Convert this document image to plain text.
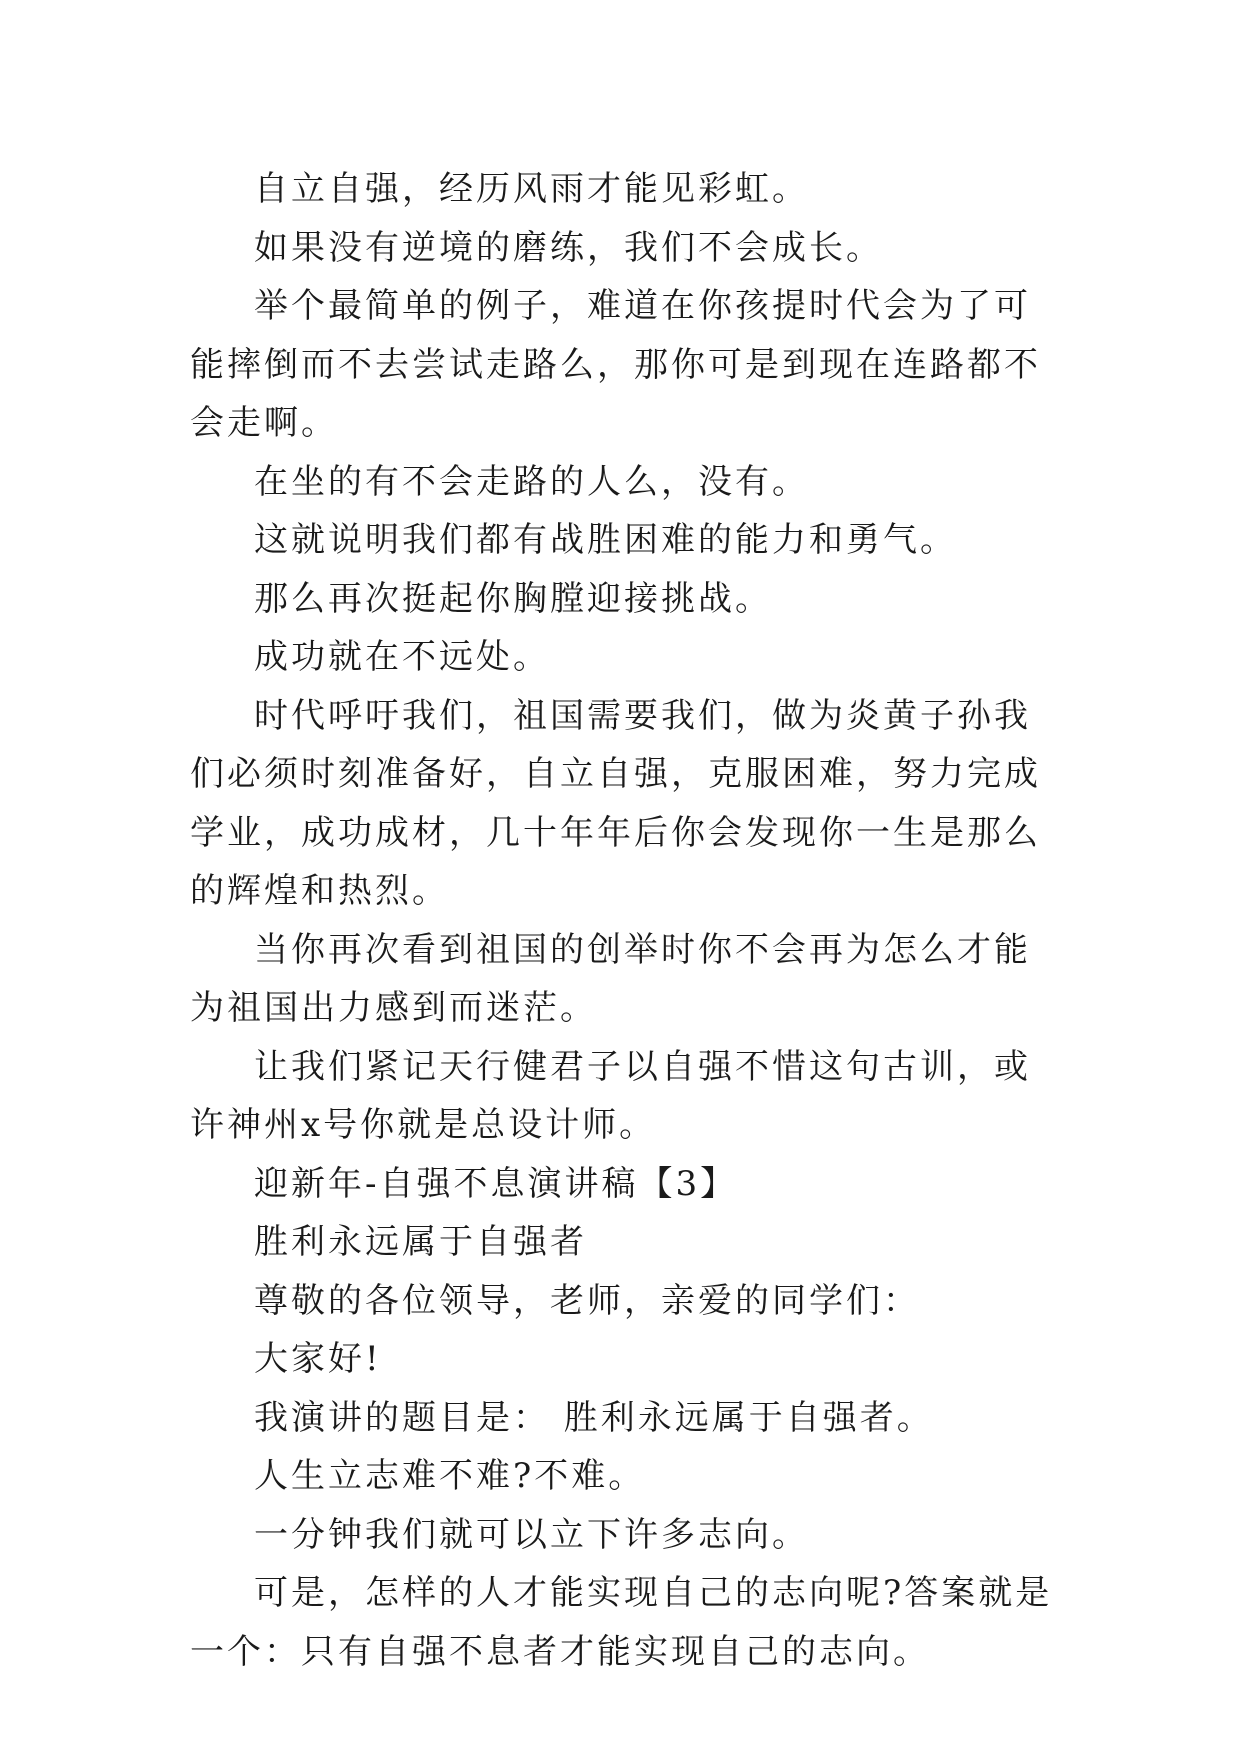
自立自强，经历风雨才能见彩虹。

如果没有逆境的磨练，我们不会成长。

举个最简单的例子，难道在你孩提时代会为了可能摔倒而不去尝试走路么，那你可是到现在连路都不会走啊。

在坐的有不会走路的人么，没有。

这就说明我们都有战胜困难的能力和勇气。

那么再次挺起你胸膛迎接挑战。

成功就在不远处。

时代呼吁我们，祖国需要我们，做为炎黄子孙我们必须时刻准备好，自立自强，克服困难，努力完成学业，成功成材，几十年年后你会发现你一生是那么的辉煌和热烈。

当你再次看到祖国的创举时你不会再为怎么才能为祖国出力感到而迷茫。

让我们紧记天行健君子以自强不惜这句古训，或许神州x号你就是总设计师。

迎新年-自强不息演讲稿【3】

胜利永远属于自强者

尊敬的各位领导，老师，亲爱的同学们：

大家好!

我演讲的题目是： 胜利永远属于自强者。

人生立志难不难?不难。

一分钟我们就可以立下许多志向。

可是，怎样的人才能实现自己的志向呢?答案就是一个：只有自强不息者才能实现自己的志向。
